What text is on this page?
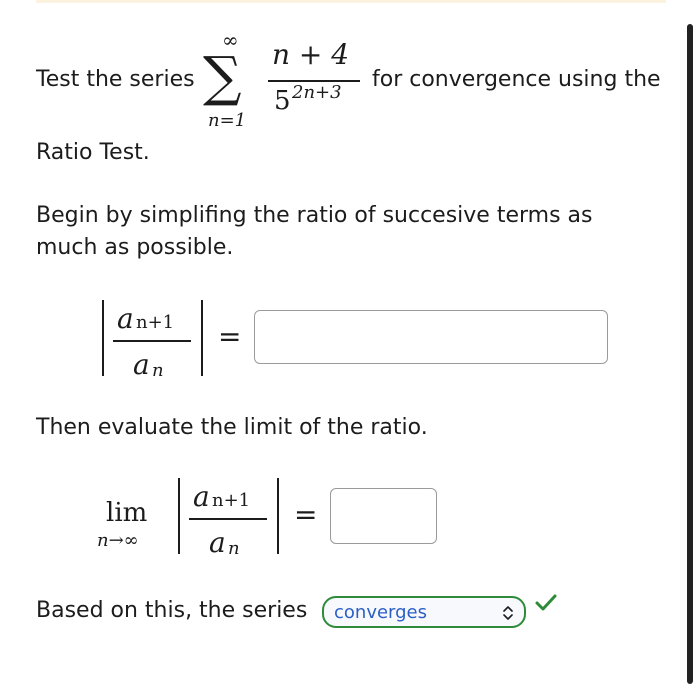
Test the series
∞
∑
n=1
n + 4
5 2n+3
for convergence using the
Ratio Test.
Begin by simplifing the ratio of succesive terms as
much as possible.
a n+1
a n
=
Then evaluate the limit of the ratio.
lim
n→∞
a n+1
a n
=
Based on this, the series converges
